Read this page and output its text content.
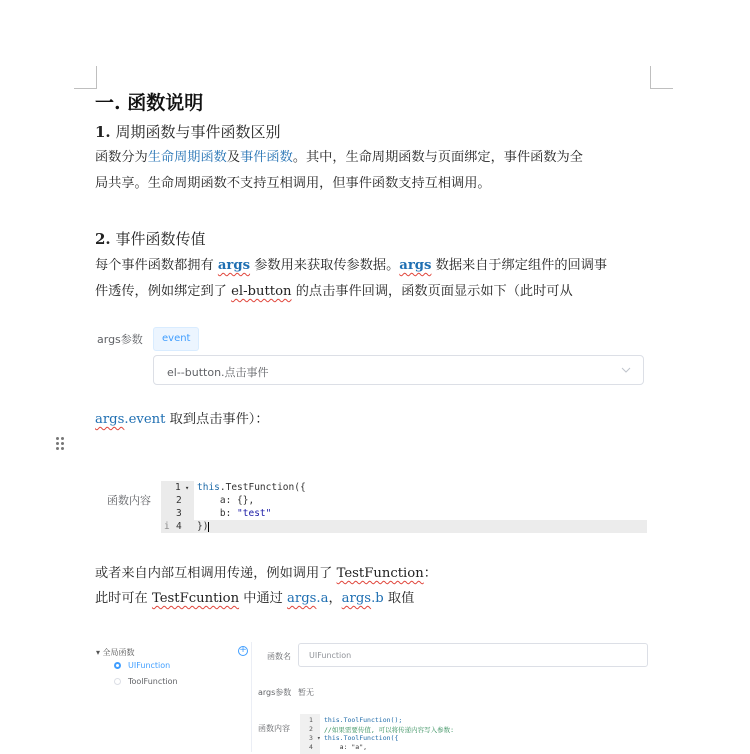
一. 函数说明
1. 周期函数与事件函数区别
函数分为生命周期函数及事件函数。其中，生命周期函数与页面绑定，事件函数为全
局共享。生命周期函数不支持互相调用，但事件函数支持互相调用。
2. 事件函数传值
每个事件函数都拥有 args 参数用来获取传参数据。args 数据来自于绑定组件的回调事
件透传，例如绑定到了 el-button 的点击事件回调，函数页面显示如下（此时可从
args参数	event
el--button.点击事件
args.event 取到点击事件）：
函数内容
1 ▾
2
3
i 4
this.TestFunction({
a: {},
b: "test"
})
或者来自内部互相调用传递，例如调用了 TestFunction：
此时可在 TestFcuntion 中通过 args.a，args.b 取值
▾ 全局函数	+
UIFunction
ToolFunction
函数名 UIFunction
args参数 暂无
函数内容
1
2
3 ▾
4
this.ToolFunction();
//如果需要传值, 可以将传递内容写入参数:
this.ToolFunction({
a: "a",
